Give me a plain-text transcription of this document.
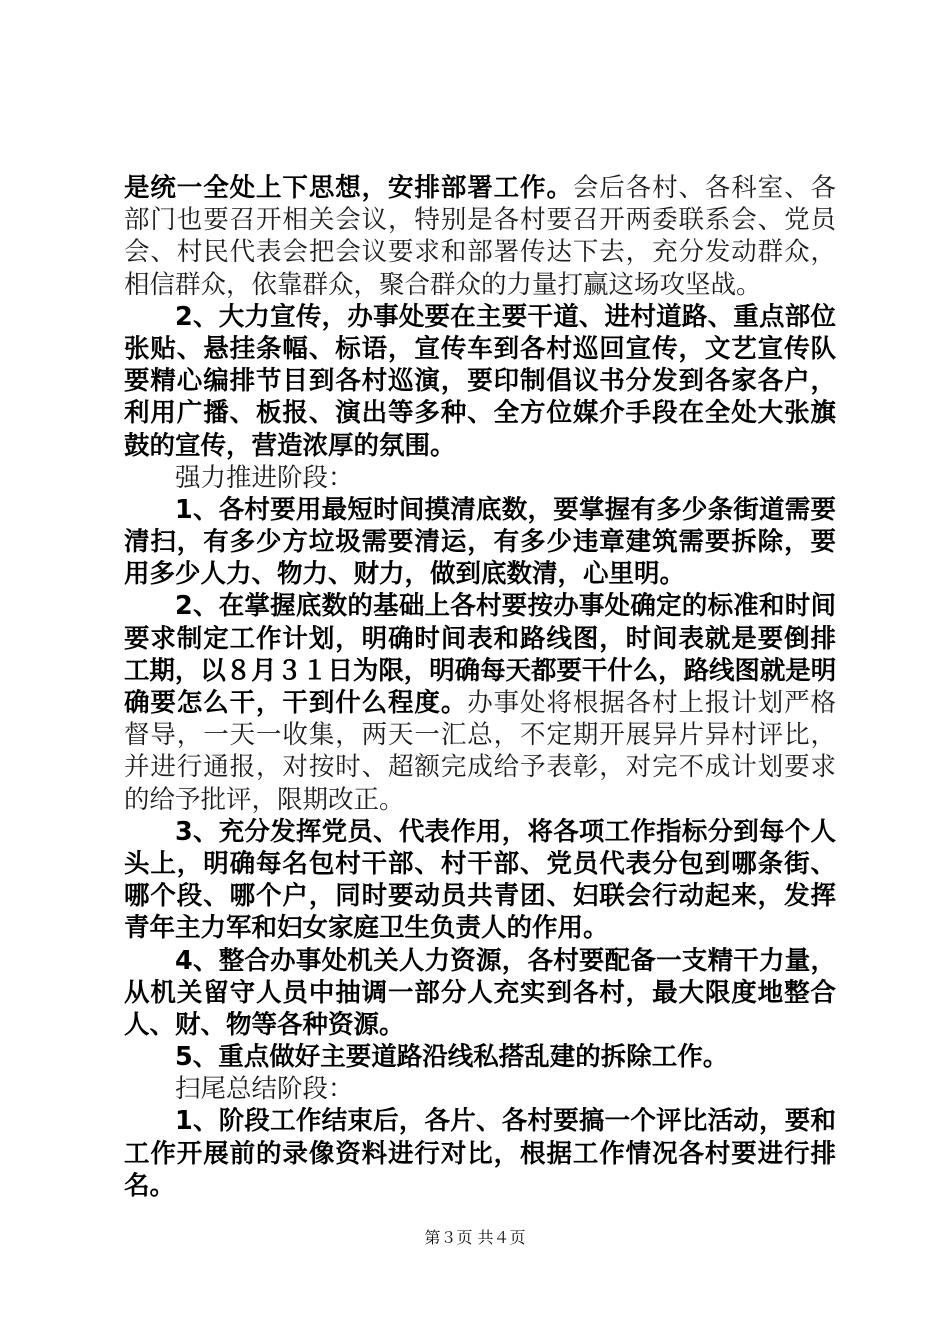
是统一全处上下思想，安排部署工作。会后各村、各科室、各
部门也要召开相关会议，特别是各村要召开两委联系会、党员
会、村民代表会把会议要求和部署传达下去，充分发动群众，
相信群众，依靠群众，聚合群众的力量打赢这场攻坚战。
2、大力宣传，办事处要在主要干道、进村道路、重点部位
张贴、悬挂条幅、标语，宣传车到各村巡回宣传，文艺宣传队
要精心编排节目到各村巡演，要印制倡议书分发到各家各户，
利用广播、板报、演出等多种、全方位媒介手段在全处大张旗
鼓的宣传，营造浓厚的氛围。
强力推进阶段：
1、各村要用最短时间摸清底数，要掌握有多少条街道需要
清扫，有多少方垃圾需要清运，有多少违章建筑需要拆除，要
用多少人力、物力、财力，做到底数清，心里明。
2、在掌握底数的基础上各村要按办事处确定的标准和时间
要求制定工作计划，明确时间表和路线图，时间表就是要倒排
工期，以８月３１日为限，明确每天都要干什么，路线图就是明
确要怎么干，干到什么程度。办事处将根据各村上报计划严格
督导，一天一收集，两天一汇总，不定期开展异片异村评比，
并进行通报，对按时、超额完成给予表彰，对完不成计划要求
的给予批评，限期改正。
3、充分发挥党员、代表作用，将各项工作指标分到每个人
头上，明确每名包村干部、村干部、党员代表分包到哪条街、
哪个段、哪个户，同时要动员共青团、妇联会行动起来，发挥
青年主力军和妇女家庭卫生负责人的作用。
4、整合办事处机关人力资源，各村要配备一支精干力量，
从机关留守人员中抽调一部分人充实到各村，最大限度地整合
人、财、物等各种资源。
5、重点做好主要道路沿线私搭乱建的拆除工作。
扫尾总结阶段：
1、阶段工作结束后，各片、各村要搞一个评比活动，要和
工作开展前的录像资料进行对比，根据工作情况各村要进行排
名。
第３页 共４页
